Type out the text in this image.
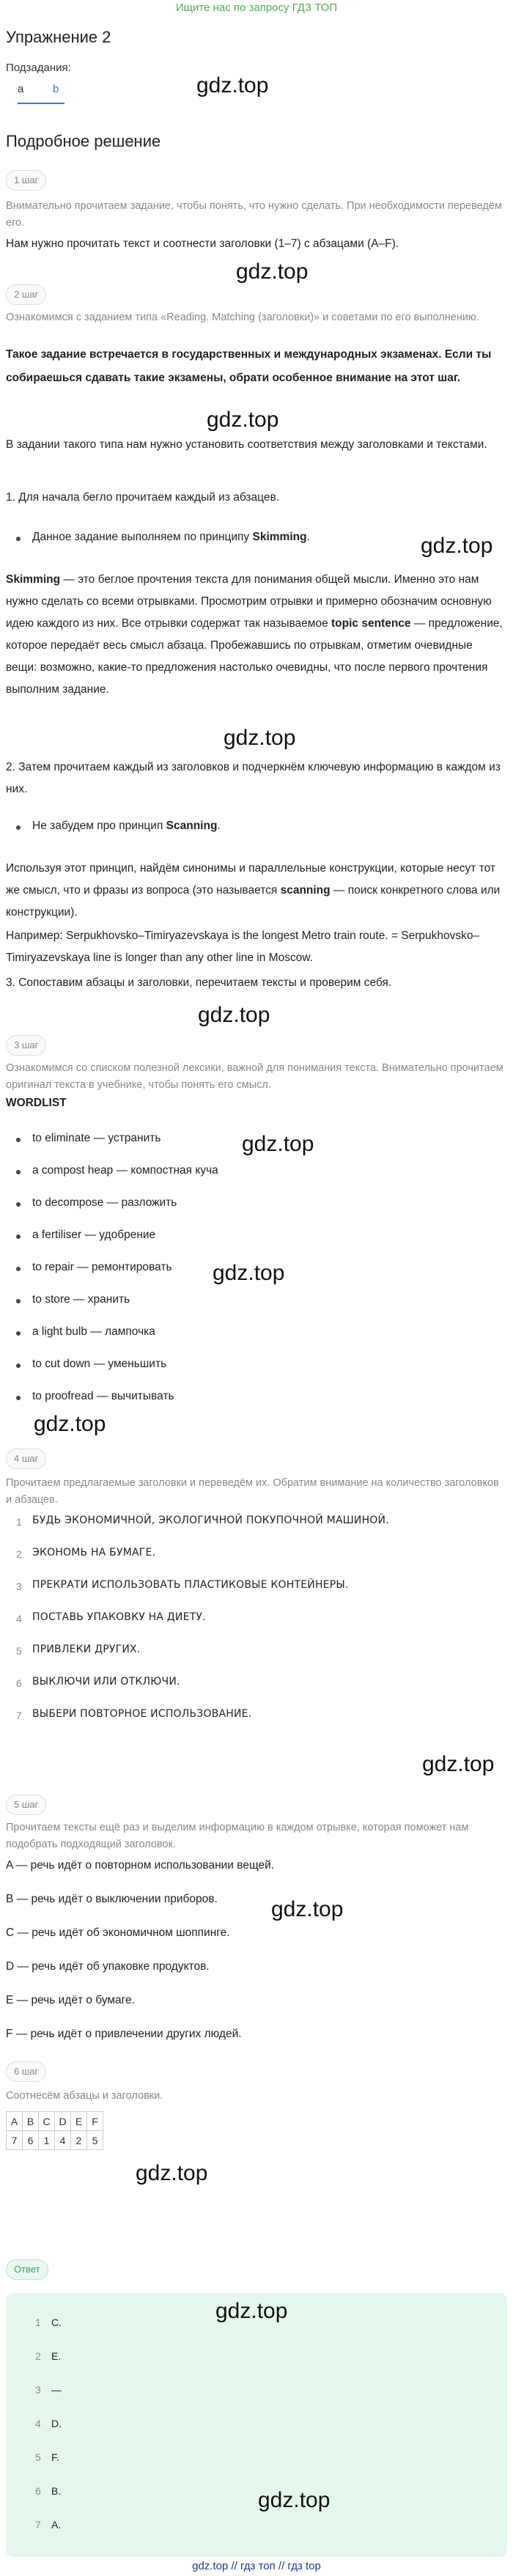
Ищите нас по запросу ГДЗ ТОП
Упражнение 2
Подзадания:
a	b	gdz.top
Подробное решение
1 шаг
Внимательно прочитаем задание, чтобы понять, что нужно сделать. При необходимости переведём его.
Нам нужно прочитать текст и соотнести заголовки (1–7) с абзацами (A–F).
gdz.top
2 шаг
Ознакомимся с заданием типа «Reading. Matching (заголовки)» и советами по его выполнению.
Такое задание встречается в государственных и международных экзаменах. Если ты собираешься сдавать такие экзамены, обрати особенное внимание на этот шаг.
gdz.top
В задании такого типа нам нужно установить соответствия между заголовками и текстами.
1. Для начала бегло прочитаем каждый из абзацев.
Данное задание выполняем по принципу Skimming.	gdz.top
Skimming — это беглое прочтения текста для понимания общей мысли. Именно это нам нужно сделать со всеми отрывками. Просмотрим отрывки и примерно обозначим основную идею каждого из них. Все отрывки содержат так называемое topic sentence — предложение, которое передаёт весь смысл абзаца. Пробежавшись по отрывкам, отметим очевидные вещи: возможно, какие-то предложения настолько очевидны, что после первого прочтения выполним задание.
gdz.top
2. Затем прочитаем каждый из заголовков и подчеркнём ключевую информацию в каждом из них.
Не забудем про принцип Scanning.
Используя этот принцип, найдём синонимы и параллельные конструкции, которые несут тот же смысл, что и фразы из вопроса (это называется scanning — поиск конкретного слова или конструкции).
Например: Serpukhovsko–Timiryazevskaya is the longest Metro train route. = Serpukhovsko–Timiryazevskaya line is longer than any other line in Moscow.
3. Сопоставим абзацы и заголовки, перечитаем тексты и проверим себя.
gdz.top
3 шаг
Ознакомимся со списком полезной лексики, важной для понимания текста. Внимательно прочитаем оригинал текста в учебнике, чтобы понять его смысл.
WORDLIST
to eliminate — устранить	gdz.top
a compost heap — компостная куча
to decompose — разложить
a fertiliser — удобрение
to repair — ремонтировать	gdz.top
to store — хранить
a light bulb — лампочка
to cut down — уменьшить
to proofread — вычитывать
gdz.top
4 шаг
Прочитаем предлагаемые заголовки и переведём их. Обратим внимание на количество заголовков и абзацев.
1 БУДЬ ЭКОНОМИЧНОЙ, ЭКОЛОГИЧНОЙ ПОКУПОЧНОЙ МАШИНОЙ.
2 ЭКОНОМЬ НА БУМАГЕ.
3 ПРЕКРАТИ ИСПОЛЬЗОВАТЬ ПЛАСТИКОВЫЕ КОНТЕЙНЕРЫ.
4 ПОСТАВЬ УПАКОВКУ НА ДИЕТУ.
5 ПРИВЛЕКИ ДРУГИХ.
6 ВЫКЛЮЧИ ИЛИ ОТКЛЮЧИ.
7 ВЫБЕРИ ПОВТОРНОЕ ИСПОЛЬЗОВАНИЕ.
gdz.top
5 шаг
Прочитаем тексты ещё раз и выделим информацию в каждом отрывке, которая поможет нам подобрать подходящий заголовок.
A — речь идёт о повторном использовании вещей.
B — речь идёт о выключении приборов.	gdz.top
C — речь идёт об экономичном шоппинге.
D — речь идёт об упаковке продуктов.
E — речь идёт о бумаге.
F — речь идёт о привлечении других людей.
6 шаг
Соотнесём абзацы и заголовки.
A	B	C	D	E	F
7	6	1	4	2	5
gdz.top
Ответ
gdz.top
1 C.
2 E.
3 —
4 D.
5 F.
6 B.	gdz.top
7 A.
gdz.top // гдз топ // гдз top
